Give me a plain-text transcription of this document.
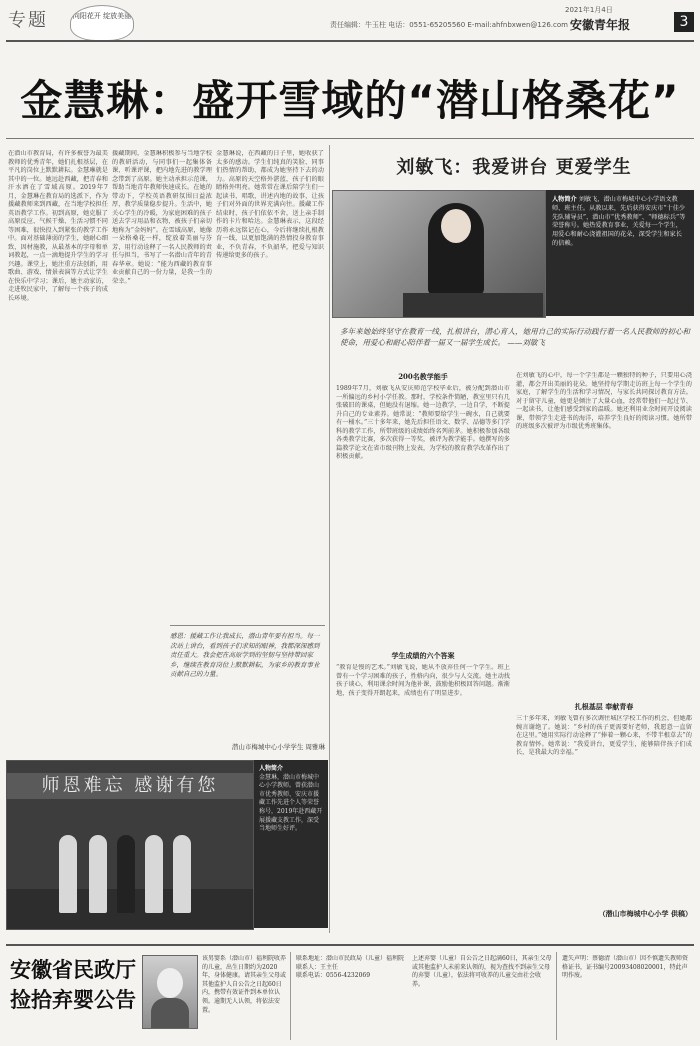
专题	向阳花开 绽放美丽
责任编辑：牛玉柱 电话：0551-65205560 E-mail:ahfnbxwen@126.com
2021年1月4日
安徽青年报	3
金慧琳：盛开雪域的“潜山格桑花”
在潜山市教育局，有许多被誉为最美教师的优秀青年，她们扎根基层，在平凡的岗位上默默耕耘。金慧琳就是其中的一位。她远赴西藏，把青春和汗水洒在了雪域高原。2019年7月，金慧琳在教育局的选派下，作为援藏教师来到西藏，在当地学校担任英语教学工作。初到高原，她克服了高原反应、气候干燥、生活习惯不同等困难，很快投入到紧张的教学工作中。面对基础薄弱的学生，她耐心细致，因材施教，从最基本的字母和单词教起，一点一滴地提升学生的学习兴趣。课堂上，她注重方法创新，用歌曲、游戏、情景表演等方式让学生在快乐中学习；课后，她主动家访，走进牧民家中，了解每一个孩子的成长环境。
援藏期间，金慧琳积极参与当地学校的教研活动，与同事们一起集体备课、听课评课，把内地先进的教学理念带到了高原。她主动承担示范课，帮助当地青年教师快速成长。在她的带动下，学校英语教研氛围日益浓厚，教学质量稳步提升。生活中，她关心学生的冷暖，为家庭困难的孩子送去学习用品和衣物，被孩子们亲切地称为“金妈妈”。在雪域高原，她像一朵格桑花一样，绽放着美丽与芬芳，用行动诠释了一名人民教师的责任与担当，书写了一名潜山青年的青春华章。她说：“能为西藏的教育事业贡献自己的一份力量，是我一生的荣幸。”
金慧琳说，在西藏的日子里，她收获了太多的感动。学生们纯真的笑脸、同事们热情的帮助，都成为她坚持下去的动力。高原的天空格外湛蓝，孩子们的眼睛格外明亮。她常常在课后陪学生们一起读书、唱歌，讲述内地的故事，让孩子们对外面的世界充满向往。援藏工作结束时，孩子们依依不舍，送上亲手制作的卡片和哈达。金慧琳表示，这段经历将永远铭记在心，今后将继续扎根教育一线，以更加饱满的热情投身教育事业，不负青春，不负韶华，把爱与知识传递给更多的孩子。
感恩：援藏工作让我成长，潜山青年要有担当。每一次站上讲台，看到孩子们求知的眼神，我都深深感到责任重大。我会把在高原学到的坚韧与坚持带回家乡，继续在教育岗位上默默耕耘，为家乡的教育事业贡献自己的力量。
潜山市梅城中心小学学生 周雅琳
师恩难忘 感谢有您
人物简介
金慧琳，潜山市梅城中心小学教师。曾获潜山市优秀教师、安庆市援藏工作先进个人等荣誉称号，2019年赴西藏开展援藏支教工作，深受当地师生好评。
刘敏飞：我爱讲台 更爱学生
人物简介 刘敏飞，潜山市梅城中心小学语文教师、班主任。从教以来，先后获得安庆市“十佳少先队辅导员”、潜山市“优秀教师”、“师德标兵”等荣誉称号。她热爱教育事业，关爱每一个学生，用爱心和耐心浇灌祖国的花朵，深受学生和家长的信赖。
多年来她始终坚守在教育一线，扎根讲台，潜心育人，她用自己的实际行动践行着一名人民教师的初心和使命，用爱心和耐心陪伴着一届又一届学生成长。 ——刘敏飞
200名教学能手
1989年7月，刘敏飞从安庆师范学校毕业后，被分配到潜山市一所偏远的乡村小学任教。那时，学校条件简陋，教室里只有几张破旧的课桌，但她没有退缩。她一边教学，一边自学，不断提升自己的专业素养。她常说：“教师要给学生一碗水，自己就要有一桶水。”三十多年来，她先后担任语文、数学、品德等多门学科的教学工作，所带班级的成绩始终名列前茅。她积极参加各级各类教学比赛，多次获得一等奖，被评为教学能手。她撰写的多篇教学论文在省市级刊物上发表，为学校的教育教学改革作出了积极贡献。
学生成绩的六个答案
“教育是慢的艺术。”刘敏飞说，她从不放弃任何一个学生。班上曾有一个学习困难的孩子，性格内向，很少与人交流。她主动找孩子谈心，利用课余时间为他补课，鼓励他积极回答问题。渐渐地，孩子变得开朗起来，成绩也有了明显进步。
在刘敏飞的心中，每一个学生都是一颗独特的种子，只要用心浇灌，都会开出美丽的花朵。她坚持每学期走访班上每一个学生的家庭，了解学生的生活和学习情况，与家长共同探讨教育方法。对于留守儿童，她更是倾注了大量心血，经常带他们一起过节、一起读书，让他们感受到家的温暖。她还利用业余时间开设阅读课，带领学生走进书的海洋，培养学生良好的阅读习惯。她所带的班级多次被评为市级优秀班集体。
扎根基层 奉献青春
三十多年来，刘敏飞曾有多次调往城区学校工作的机会，但她都婉言谢绝了。她说：“乡村的孩子更需要好老师，我愿意一直留在这里。”她用实际行动诠释了“捧着一颗心来，不带半根草去”的教育情怀。她常说：“我爱讲台，更爱学生，能够陪伴孩子们成长，是我最大的幸福。”
（潜山市梅城中心小学 供稿）
安徽省民政厅
捡拾弃婴公告
该男婴系（潜山市）福利院收养的儿童，出生日期约为2020年，身体健康。请其亲生父母或其他监护人自公告之日起60日内，携带有效证件到本单位认领。逾期无人认领，将依法安置。
联系地址：潜山市民政局（儿童）福利院
联系人：王主任
联系电话：0556-4232069
上述弃婴（儿童）自公告之日起满60日，其亲生父母或其他监护人未前来认领的，视为查找不到亲生父母的弃婴（儿童），依法将可收养的儿童交由社会收养。
遗失声明：蔡德清（潜山市）因不慎遗失教师资格证书，证书编号20093408020001，特此声明作废。
